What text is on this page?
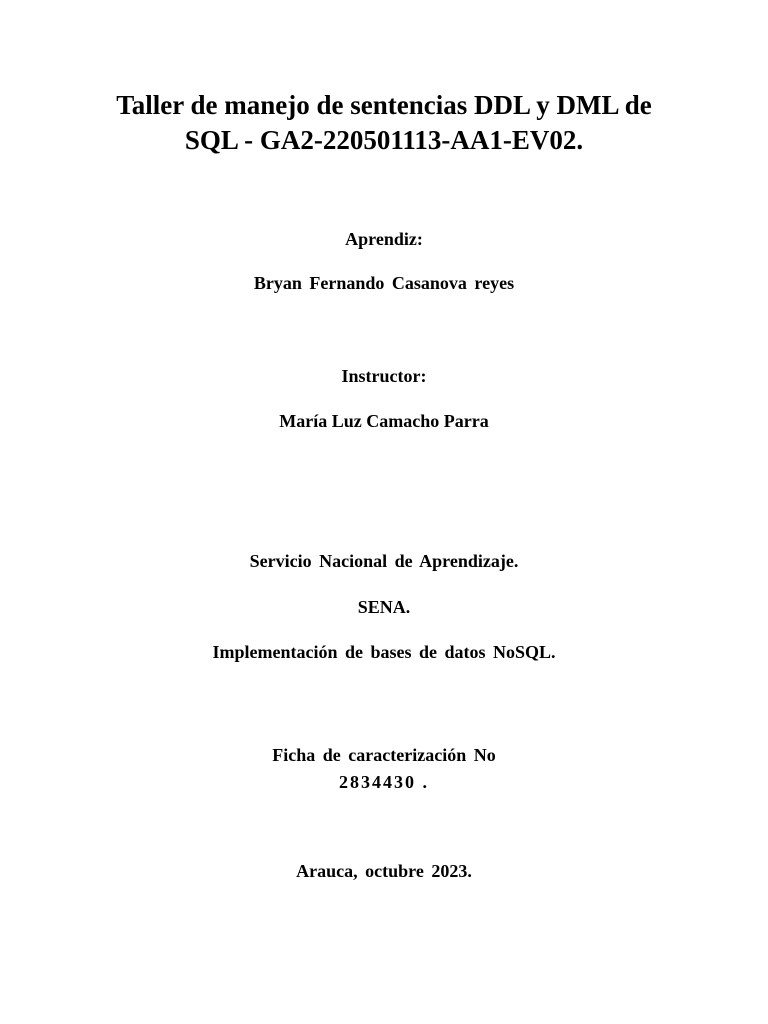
Taller de manejo de sentencias DDL y DML de
SQL - GA2-220501113-AA1-EV02.
Aprendiz:
Bryan Fernando Casanova reyes
Instructor:
María Luz Camacho Parra
Servicio Nacional de Aprendizaje.
SENA.
Implementación de bases de datos NoSQL.
Ficha de caracterización No
2834430 .
Arauca, octubre 2023.
